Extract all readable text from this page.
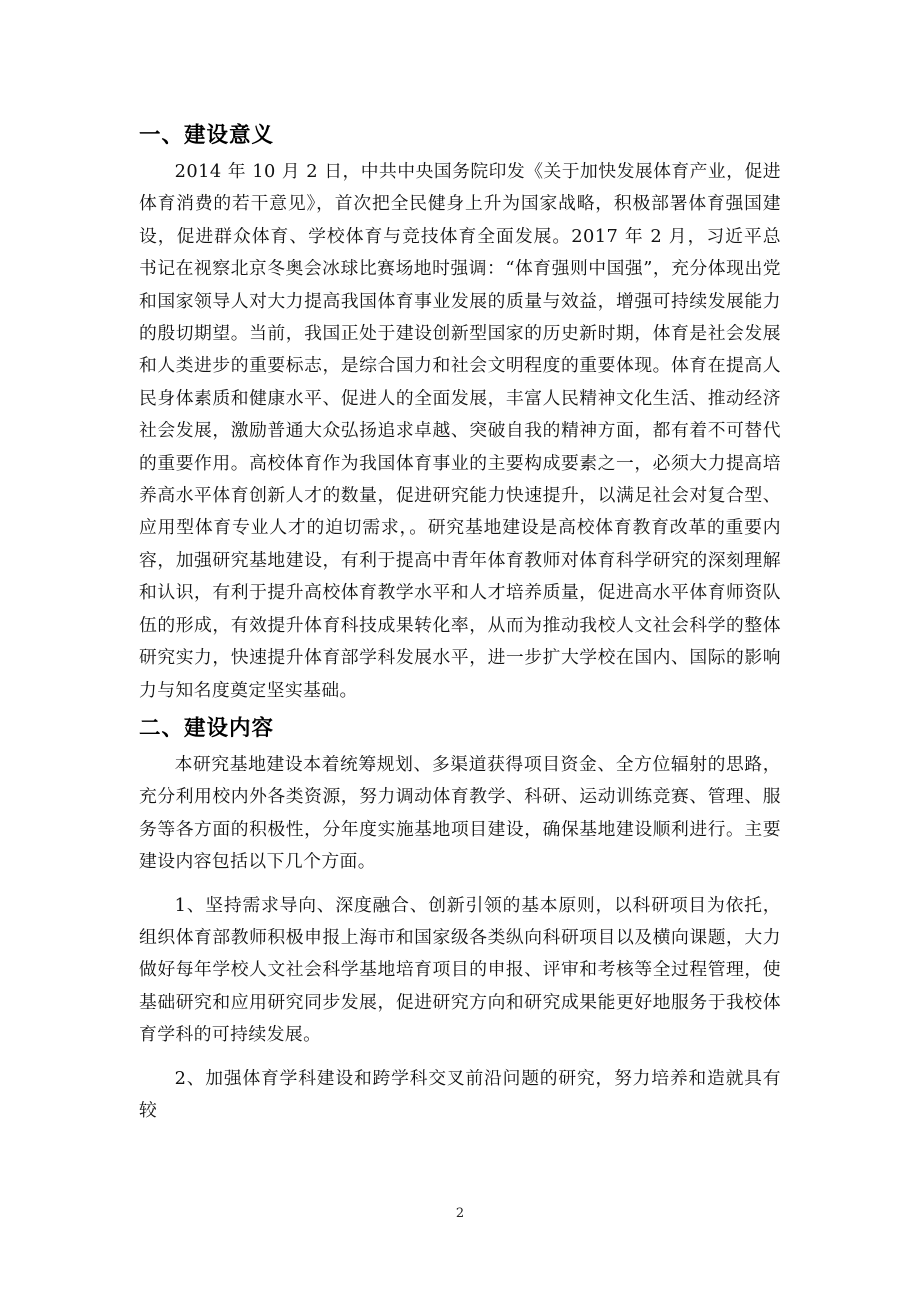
一、建设意义

2014 年 10 月 2 日，中共中央国务院印发《关于加快发展体育产业，促进体育消费的若干意见》，首次把全民健身上升为国家战略，积极部署体育强国建设，促进群众体育、学校体育与竞技体育全面发展。2017 年 2 月，习近平总书记在视察北京冬奥会冰球比赛场地时强调：“体育强则中国强”，充分体现出党和国家领导人对大力提高我国体育事业发展的质量与效益，增强可持续发展能力的殷切期望。当前，我国正处于建设创新型国家的历史新时期，体育是社会发展和人类进步的重要标志，是综合国力和社会文明程度的重要体现。体育在提高人民身体素质和健康水平、促进人的全面发展，丰富人民精神文化生活、推动经济社会发展，激励普通大众弘扬追求卓越、突破自我的精神方面，都有着不可替代的重要作用。高校体育作为我国体育事业的主要构成要素之一，必须大力提高培养高水平体育创新人才的数量，促进研究能力快速提升，以满足社会对复合型、应用型体育专业人才的迫切需求，。研究基地建设是高校体育教育改革的重要内容，加强研究基地建设，有利于提高中青年体育教师对体育科学研究的深刻理解和认识，有利于提升高校体育教学水平和人才培养质量，促进高水平体育师资队伍的形成，有效提升体育科技成果转化率，从而为推动我校人文社会科学的整体研究实力，快速提升体育部学科发展水平，进一步扩大学校在国内、国际的影响力与知名度奠定坚实基础。

二、建设内容

本研究基地建设本着统筹规划、多渠道获得项目资金、全方位辐射的思路，充分利用校内外各类资源，努力调动体育教学、科研、运动训练竞赛、管理、服务等各方面的积极性，分年度实施基地项目建设，确保基地建设顺利进行。主要建设内容包括以下几个方面。

1、坚持需求导向、深度融合、创新引领的基本原则，以科研项目为依托，组织体育部教师积极申报上海市和国家级各类纵向科研项目以及横向课题，大力做好每年学校人文社会科学基地培育项目的申报、评审和考核等全过程管理，使基础研究和应用研究同步发展，促进研究方向和研究成果能更好地服务于我校体育学科的可持续发展。

2、加强体育学科建设和跨学科交叉前沿问题的研究，努力培养和造就具有较

2
